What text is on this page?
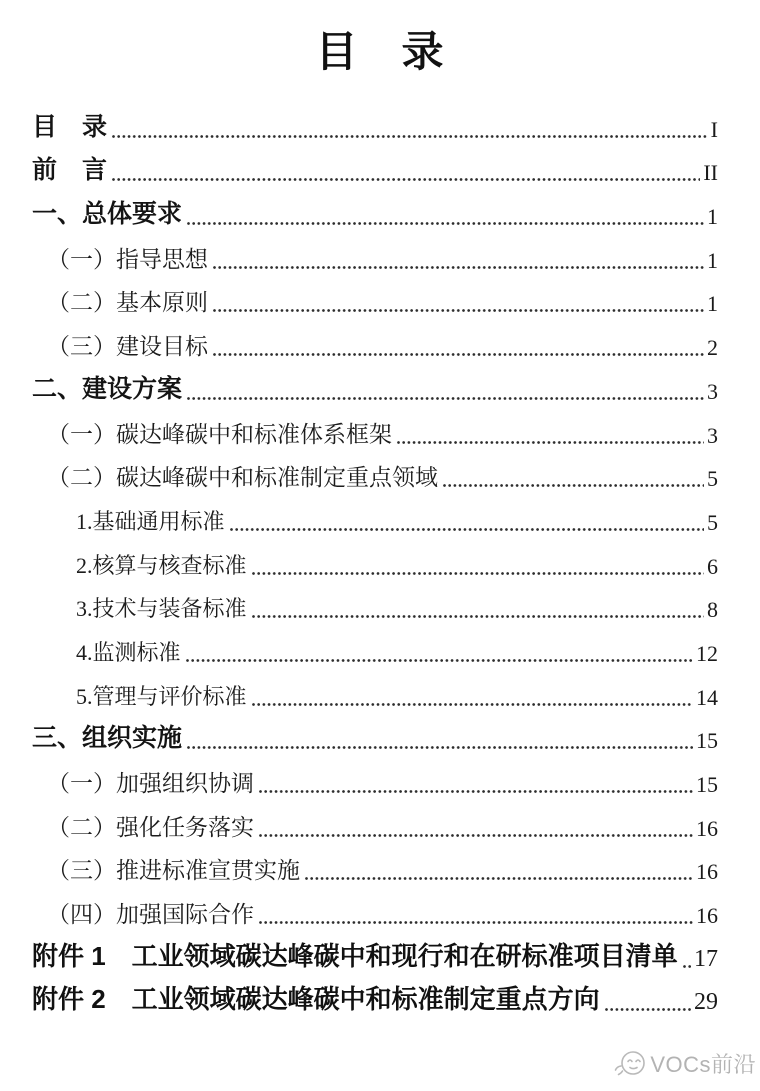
目　录
目　录	I
前　言	II
一、总体要求	1
（一）指导思想	1
（二）基本原则	1
（三）建设目标	2
二、建设方案	3
（一）碳达峰碳中和标准体系框架	3
（二）碳达峰碳中和标准制定重点领域	5
1.基础通用标准	5
2.核算与核查标准	6
3.技术与装备标准	8
4.监测标准	12
5.管理与评价标准	14
三、组织实施	15
（一）加强组织协调	15
（二）强化任务落实	16
（三）推进标准宣贯实施	16
（四）加强国际合作	16
附件 1　工业领域碳达峰碳中和现行和在研标准项目清单 17
附件 2　工业领域碳达峰碳中和标准制定重点方向	29
VOCs前沿
